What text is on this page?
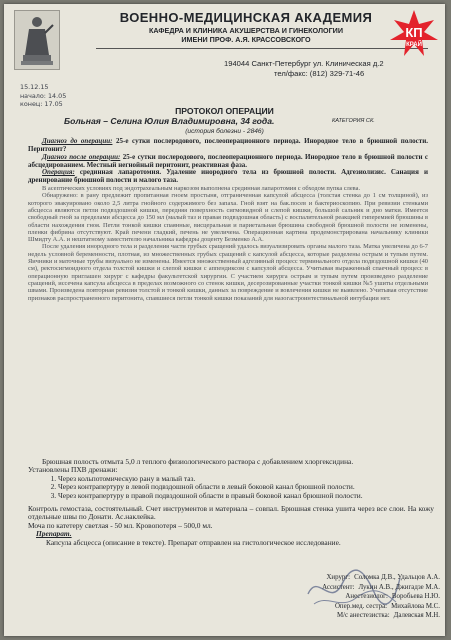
ВОЕННО-МЕДИЦИНСКАЯ АКАДЕМИЯ
КАФЕДРА И КЛИНИКА АКУШЕРСТВА И ГИНЕКОЛОГИИ
ИМЕНИ ПРОФ. А.Я. КРАССОВСКОГО
194044 Санкт-Петербург ул. Клиническая д.2
тел/факс: (812) 329-71-46
КП
КРАЙ
15.12.15
начало: 14.05
конец: 17.05
ПРОТОКОЛ ОПЕРАЦИИ
Больная – Селина Юлия Владимировна, 34 года.	КАТЕГОРИЯ СК.
(история болезни - 2846)

Диагноз до операции: 25-е сутки послеродового, послеоперационного периода. Инородное тело в брюшной полости. Перитонит?

Диагноз после операции: 25-е сутки послеродового, послеоперационного периода. Инородное тело в брюшной полости с абсцедированием. Местный негнойный перитонит, реактивная фаза.

Операция: срединная лапаротомия. Удаление инородного тела из брюшной полости. Адгезиолизис. Санация и дренирование брюшной полости и малого таза.

В асептических условиях под эндотрахеальным наркозом выполнена срединная лапаротомия с обходом пупка слева.

Обнаружено: в рану предлежит пропитанная гноем простыня, отграниченная капсулой абсцесса (толстая стенка до 1 см толщиной), из которого эвакуировано около 2,5 литра гнойного содержимого без запаха. Гной взят на бак.посев и бактериоскопию. При ревизии стенками абсцесса являются петли подвздошной кишки, передняя поверхность сигмовидной и слепой кишки, большой сальник и дно матки. Имеется свободный гной за пределами абсцесса до 150 мл (малый таз и правая подвздошная область) с воспалительной реакцией гиперемией брюшины в области нахождения гноя. Петли тонкой кишки спаянные, висцеральная и париетальная брюшина свободной брюшной полости не изменены, пленки фибрина отсутствуют. Край печени гладкий, печень не увеличена. Операционная картина продемонстрирована начальнику клиники Шмидту А.А. и нештатному заместителю начальника кафедры доценту Безменко А.А.

После удаления инородного тела и разделения части грубых сращений удалось визуализировать органы малого таза. Матка увеличена до 6-7 недель условной беременности, плотная, из множественных грубых сращений с капсулой абсцесса, которые разделены острым и тупым путем. Яичники и маточные трубы визуально не изменены. Имеется множественный адгезивный процесс терминального отдела подвздошной кишки (40 см), ректосигмоидного отдела толстой кишки и слепой кишки с аппендиксом с капсулой абсцесса. Учитывая выраженный спаечный процесс в операционную приглашен хирург с кафедры факультетской хирургии. С участием хирурга острым и тупым путем произведено разделение сращений, иссечена капсула абсцесса в пределах возможного со стенок кишки, десерозированные участки тонкой кишки №5 ушиты отдельными швами. Произведена повторная ревизия толстой и тонкой кишки, данных за повреждение и вовлечения кишки не выявлено. Учитывая отсутствие признаков распространенного перитонита, спавшиеся петли тонкой кишки показаний для назогастроинтестинальной интубации нет.

Брюшная полость отмыта 5,0 л теплого физиологического раствора с добавлением хлоргексидина.

Установлены ПХВ дренажи:

1. Через кольпотомическую рану в малый таз.
2. Через контрапертуру в левой подвздошной области в левый боковой канал брюшной полости.
3. Через контрапертуру в правой подвздошной области в правый боковой канал брюшной полости.

Контроль гемостаза, состоятельный. Счет инструментов и материала – совпал. Брюшная стенка ушита через все слои. На кожу отдельные швы по Донати. Ас.наклейка.

Моча по катетеру светлая - 50 мл. Кровопотеря – 500,0 мл.

Препарат.

Капсула абсцесса (описание в тексте). Препарат отправлен на гистологическое исследование.

Хирург: Соломка Д.В., Удальцов А.А.
Ассистент: Лукин А.В., Джигадзе М.А.
Анестезиолог: Воробьева Н.Ю.
Опер.мед. сестра: Михайлова М.С.
М/с анестезистка: Далевская М.Н.
